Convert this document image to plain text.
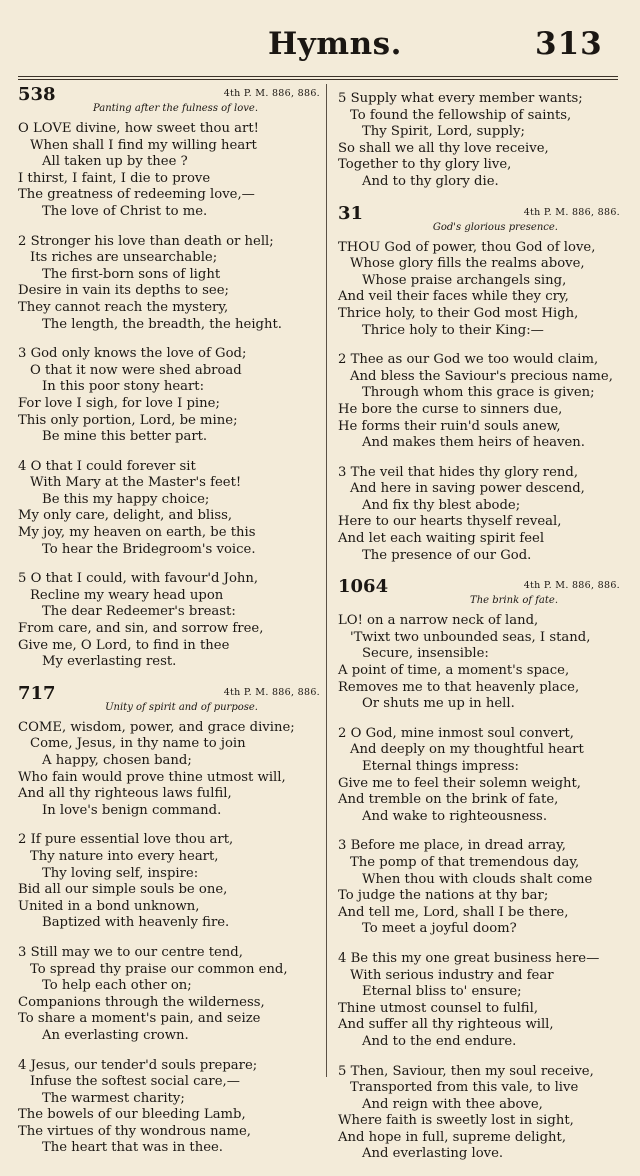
Hymns.	313
538	4th P. M. 886, 886.
Panting after the fulness of love.
O LOVE divine, how sweet thou art!
When shall I find my willing heart
All taken up by thee ?
I thirst, I faint, I die to prove
The greatness of redeeming love,—
The love of Christ to me.
2 Stronger his love than death or hell;
Its riches are unsearchable;
The first-born sons of light
Desire in vain its depths to see;
They cannot reach the mystery,
The length, the breadth, the height.
3 God only knows the love of God;
O that it now were shed abroad
In this poor stony heart:
For love I sigh, for love I pine;
This only portion, Lord, be mine;
Be mine this better part.
4 O that I could forever sit
With Mary at the Master's feet!
Be this my happy choice;
My only care, delight, and bliss,
My joy, my heaven on earth, be this
To hear the Bridegroom's voice.
5 O that I could, with favour'd John,
Recline my weary head upon
The dear Redeemer's breast:
From care, and sin, and sorrow free,
Give me, O Lord, to find in thee
My everlasting rest.
717	4th P. M. 886, 886.
Unity of spirit and of purpose.
COME, wisdom, power, and grace divine;
Come, Jesus, in thy name to join
A happy, chosen band;
Who fain would prove thine utmost will,
And all thy righteous laws fulfil,
In love's benign command.
2 If pure essential love thou art,
Thy nature into every heart,
Thy loving self, inspire:
Bid all our simple souls be one,
United in a bond unknown,
Baptized with heavenly fire.
3 Still may we to our centre tend,
To spread thy praise our common end,
To help each other on;
Companions through the wilderness,
To share a moment's pain, and seize
An everlasting crown.
4 Jesus, our tender'd souls prepare;
Infuse the softest social care,—
The warmest charity;
The bowels of our bleeding Lamb,
The virtues of thy wondrous name,
The heart that was in thee.
5 Supply what every member wants;
To found the fellowship of saints,
Thy Spirit, Lord, supply;
So shall we all thy love receive,
Together to thy glory live,
And to thy glory die.
31	4th P. M. 886, 886.
God's glorious presence.
THOU God of power, thou God of love,
Whose glory fills the realms above,
Whose praise archangels sing,
And veil their faces while they cry,
Thrice holy, to their God most High,
Thrice holy to their King:—
2 Thee as our God we too would claim,
And bless the Saviour's precious name,
Through whom this grace is given;
He bore the curse to sinners due,
He forms their ruin'd souls anew,
And makes them heirs of heaven.
3 The veil that hides thy glory rend,
And here in saving power descend,
And fix thy blest abode;
Here to our hearts thyself reveal,
And let each waiting spirit feel
The presence of our God.
1064	4th P. M. 886, 886.
The brink of fate.
LO! on a narrow neck of land,
'Twixt two unbounded seas, I stand,
Secure, insensible:
A point of time, a moment's space,
Removes me to that heavenly place,
Or shuts me up in hell.
2 O God, mine inmost soul convert,
And deeply on my thoughtful heart
Eternal things impress:
Give me to feel their solemn weight,
And tremble on the brink of fate,
And wake to righteousness.
3 Before me place, in dread array,
The pomp of that tremendous day,
When thou with clouds shalt come
To judge the nations at thy bar;
And tell me, Lord, shall I be there,
To meet a joyful doom?
4 Be this my one great business here—
With serious industry and fear
Eternal bliss to' ensure;
Thine utmost counsel to fulfil,
And suffer all thy righteous will,
And to the end endure.
5 Then, Saviour, then my soul receive,
Transported from this vale, to live
And reign with thee above,
Where faith is sweetly lost in sight,
And hope in full, supreme delight,
And everlasting love.
